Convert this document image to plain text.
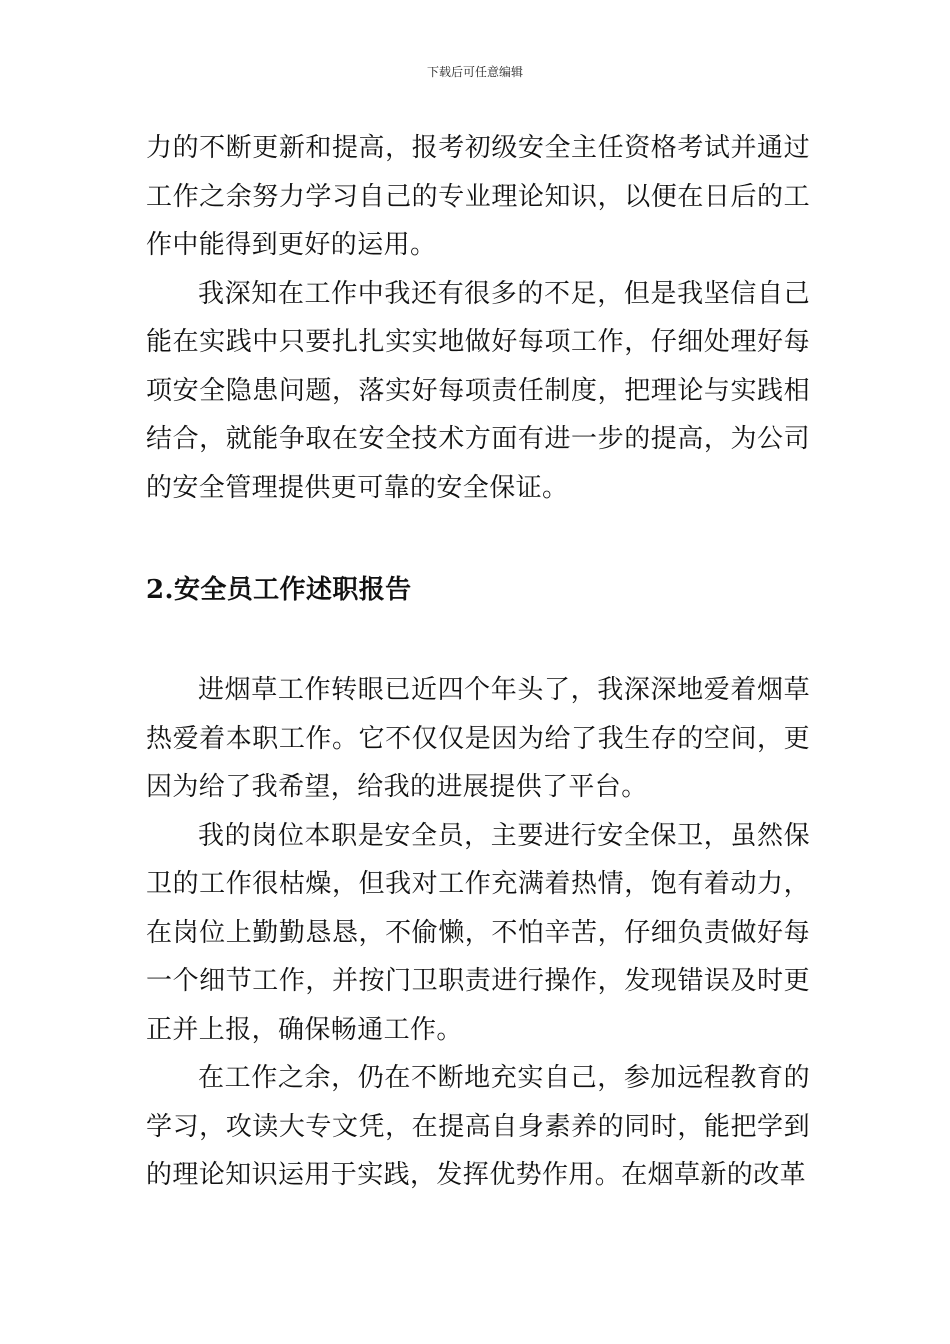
下载后可任意编辑

力的不断更新和提高，报考初级安全主任资格考试并通过工作之余努力学习自己的专业理论知识，以便在日后的工作中能得到更好的运用。

我深知在工作中我还有很多的不足，但是我坚信自己能在实践中只要扎扎实实地做好每项工作，仔细处理好每项安全隐患问题，落实好每项责任制度，把理论与实践相结合，就能争取在安全技术方面有进一步的提高，为公司的安全管理提供更可靠的安全保证。

2.安全员工作述职报告

进烟草工作转眼已近四个年头了，我深深地爱着烟草热爱着本职工作。它不仅仅是因为给了我生存的空间，更因为给了我希望，给我的进展提供了平台。

我的岗位本职是安全员，主要进行安全保卫，虽然保卫的工作很枯燥，但我对工作充满着热情，饱有着动力，在岗位上勤勤恳恳，不偷懒，不怕辛苦，仔细负责做好每一个细节工作，并按门卫职责进行操作，发现错误及时更正并上报，确保畅通工作。

在工作之余，仍在不断地充实自己，参加远程教育的学习，攻读大专文凭，在提高自身素养的同时，能把学到的理论知识运用于实践，发挥优势作用。在烟草新的改革
